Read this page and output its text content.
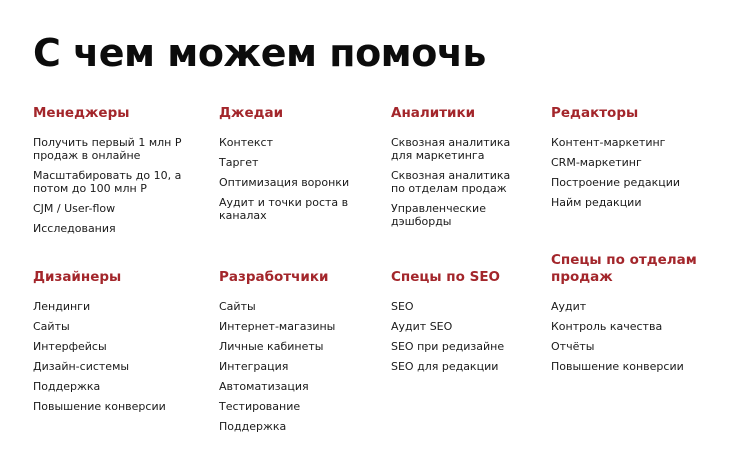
С чем можем помочь
Менеджеры
Получить первый 1 млн Р продаж в онлайне
Масштабировать до 10, а потом до 100 млн Р
CJM / User-flow
Исследования
Джедаи
Контекст
Таргет
Оптимизация воронки
Аудит и точки роста в каналах
Аналитики
Сквозная аналитика для маркетинга
Сквозная аналитика по отделам продаж
Управленческие дэшборды
Редакторы
Контент-маркетинг
CRM-маркетинг
Построение редакции
Найм редакции
Дизайнеры
Лендинги
Сайты
Интерфейсы
Дизайн-системы
Поддержка
Повышение конверсии
Разработчики
Сайты
Интернет-магазины
Личные кабинеты
Интеграция
Автоматизация
Тестирование
Поддержка
Спецы по SEO
SEO
Аудит SEO
SEO при редизайне
SEO для редакции
Спецы по отделам продаж
Аудит
Контроль качества
Отчёты
Повышение конверсии
